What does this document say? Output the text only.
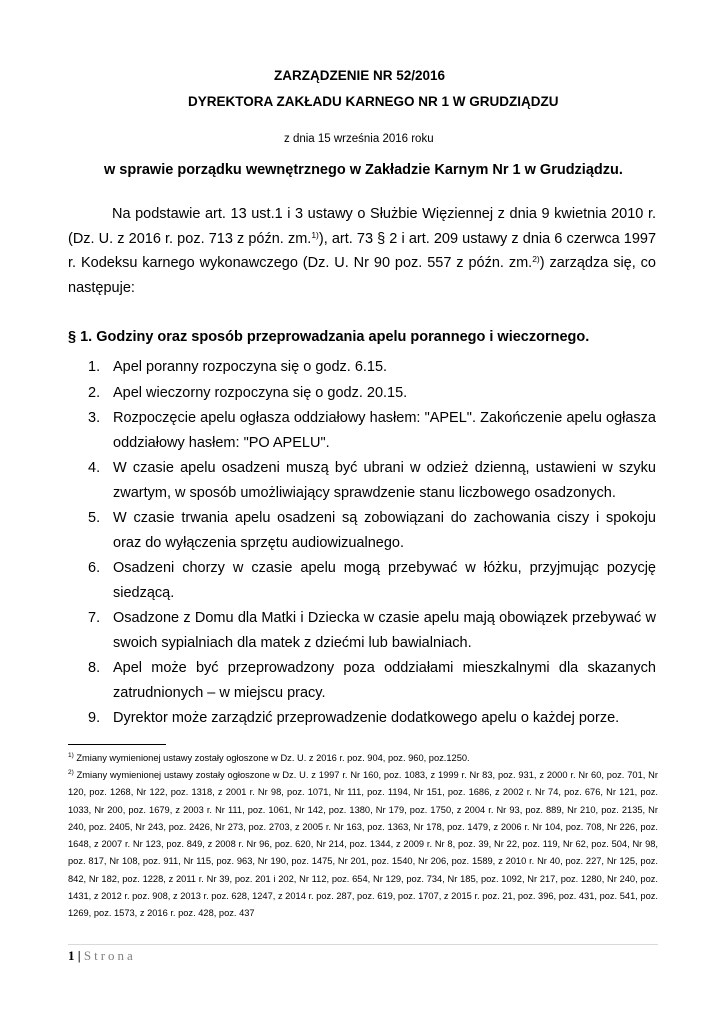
ZARZĄDZENIE NR 52/2016
DYREKTORA ZAKŁADU KARNEGO NR 1 W GRUDZIĄDZU
z dnia 15 września 2016 roku
w sprawie porządku wewnętrznego w Zakładzie Karnym Nr 1 w Grudziądzu.

Na podstawie art. 13 ust.1 i 3 ustawy o Służbie Więziennej z dnia 9 kwietnia 2010 r. (Dz. U. z 2016 r. poz. 713 z późn. zm.$^{1)}$), art. 73 § 2 i art. 209 ustawy z dnia 6 czerwca 1997 r. Kodeksu karnego wykonawczego (Dz. U. Nr 90 poz. 557 z późn. zm.$^{2)}$) zarządza się, co następuje:

§ 1. Godziny oraz sposób przeprowadzania apelu porannego i wieczornego.
1. Apel poranny rozpoczyna się o godz. 6.15.
2. Apel wieczorny rozpoczyna się o godz. 20.15.
3. Rozpoczęcie apelu ogłasza oddziałowy hasłem: "APEL". Zakończenie apelu ogłasza oddziałowy hasłem: "PO APELU".
4. W czasie apelu osadzeni muszą być ubrani w odzież dzienną, ustawieni w szyku zwartym, w sposób umożliwiający sprawdzenie stanu liczbowego osadzonych.
5. W czasie trwania apelu osadzeni są zobowiązani do zachowania ciszy i spokoju oraz do wyłączenia sprzętu audiowizualnego.
6. Osadzeni chorzy w czasie apelu mogą przebywać w łóżku, przyjmując pozycję siedzącą.
7. Osadzone z Domu dla Matki i Dziecka w czasie apelu mają obowiązek przebywać w swoich sypialniach dla matek z dziećmi lub bawialniach.
8. Apel może być przeprowadzony poza oddziałami mieszkalnymi dla skazanych zatrudnionych – w miejscu pracy.
9. Dyrektor może zarządzić przeprowadzenie dodatkowego apelu o każdej porze.
$^{1)}$ Zmiany wymienionej ustawy zostały ogłoszone w Dz. U. z 2016 r. poz. 904, poz. 960, poz.1250.
$^{2)}$ Zmiany wymienionej ustawy zostały ogłoszone w Dz. U. z 1997 r. Nr 160, poz. 1083, z 1999 r. Nr 83, poz. 931, z 2000 r. Nr 60, poz. 701, Nr 120, poz. 1268, Nr 122, poz. 1318, z 2001 r. Nr 98, poz. 1071, Nr 111, poz. 1194, Nr 151, poz. 1686, z 2002 r. Nr 74, poz. 676, Nr 121, poz. 1033, Nr 200, poz. 1679, z 2003 r. Nr 111, poz. 1061, Nr 142, poz. 1380, Nr 179, poz. 1750, z 2004 r. Nr 93, poz. 889, Nr 210, poz. 2135, Nr 240, poz. 2405, Nr 243, poz. 2426, Nr 273, poz. 2703, z 2005 r. Nr 163, poz. 1363, Nr 178, poz. 1479, z 2006 r. Nr 104, poz. 708, Nr 226, poz. 1648, z 2007 r. Nr 123, poz. 849, z 2008 r. Nr 96, poz. 620, Nr 214, poz. 1344, z 2009 r. Nr 8, poz. 39, Nr 22, poz. 119, Nr 62, poz. 504, Nr 98, poz. 817, Nr 108, poz. 911, Nr 115, poz. 963, Nr 190, poz. 1475, Nr 201, poz. 1540, Nr 206, poz. 1589, z 2010 r. Nr 40, poz. 227, Nr 125, poz. 842, Nr 182, poz. 1228, z 2011 r. Nr 39, poz. 201 i 202, Nr 112, poz. 654, Nr 129, poz. 734, Nr 185, poz. 1092, Nr 217, poz. 1280, Nr 240, poz. 1431, z 2012 r. poz. 908, z 2013 r. poz. 628, 1247, z 2014 r. poz. 287, poz. 619, poz. 1707, z 2015 r. poz. 21, poz. 396, poz. 431, poz. 541, poz. 1269, poz. 1573, z 2016 r. poz. 428, poz. 437
1 | Strona
